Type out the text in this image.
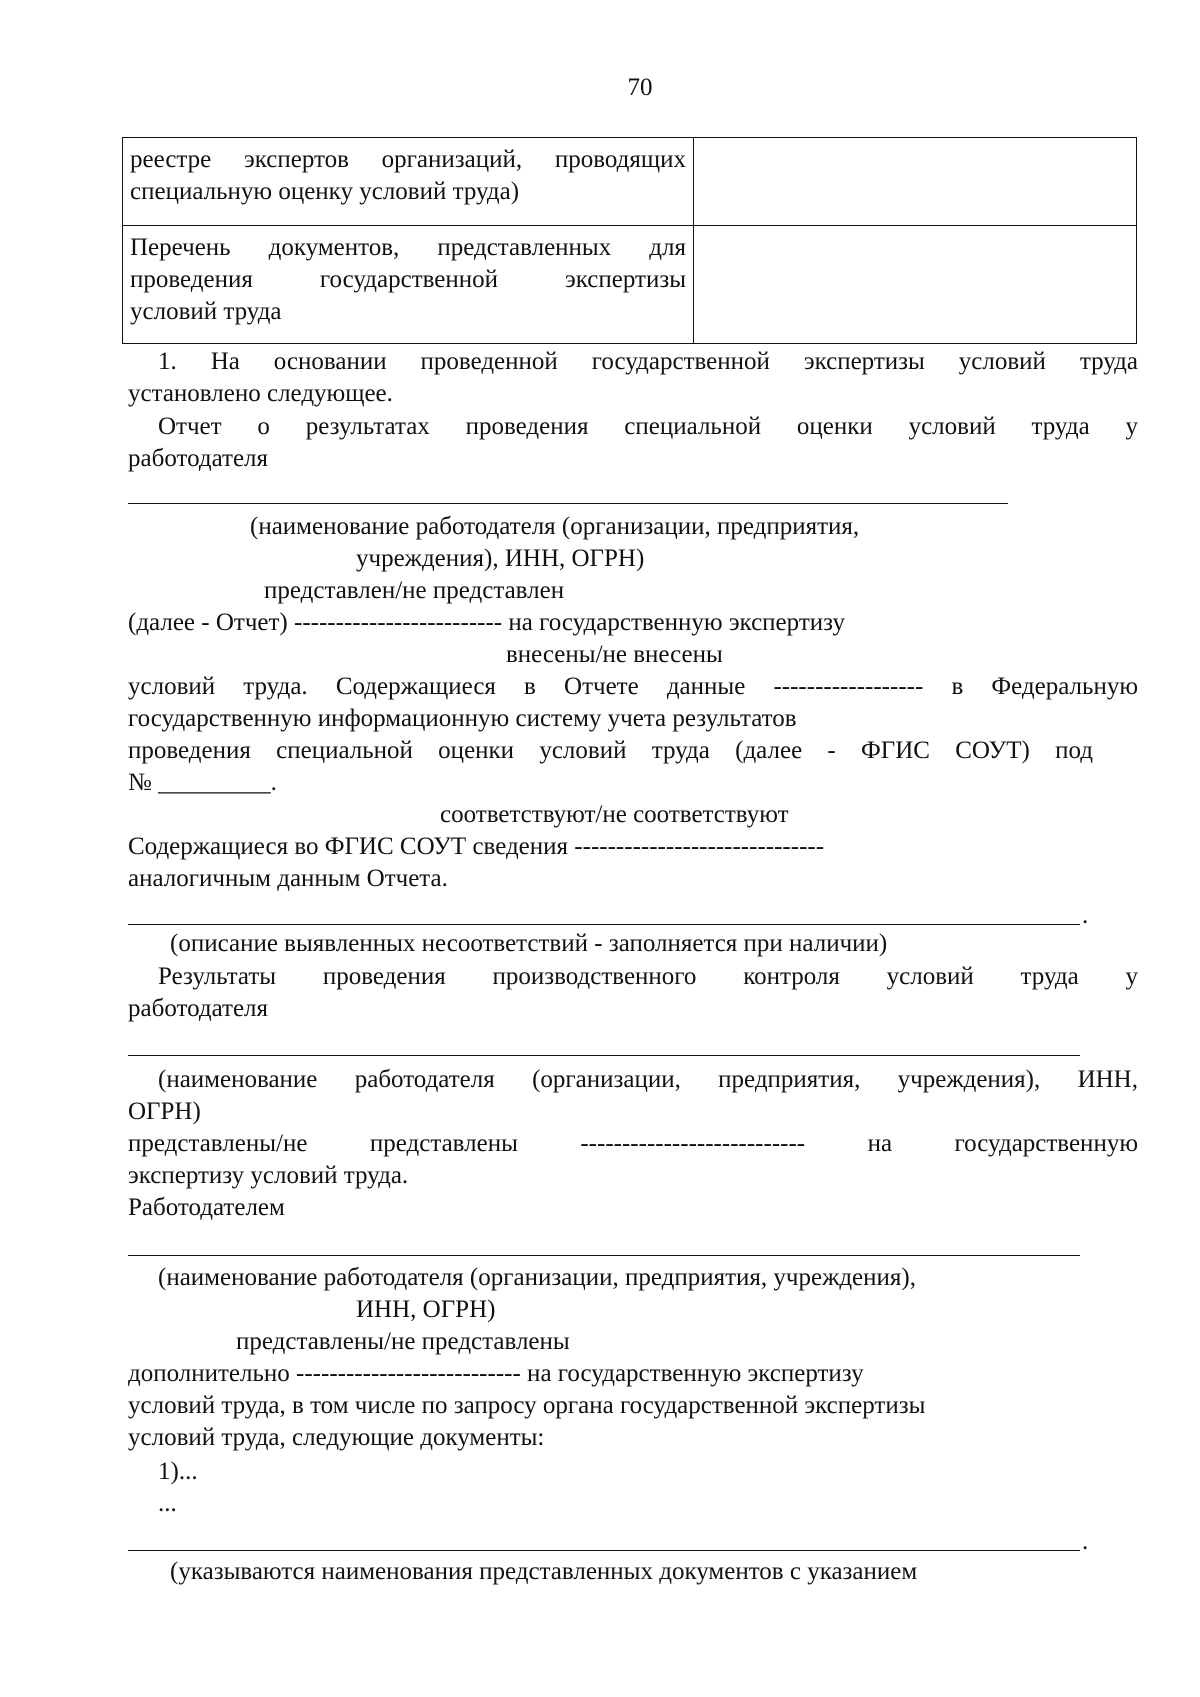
70
реестре экспертов организаций, проводящих
специальную оценку условий труда)	

Перечень документов, представленных для
проведения государственной экспертизы
условий труда	

1. На основании проведенной государственной экспертизы условий труда
установлено следующее.
Отчет о результатах проведения специальной оценки условий труда у
работодателя
(наименование работодателя (организации, предприятия,
учреждения), ИНН, ОГРН)
представлен/не представлен
(далее - Отчет) ------------------------- на государственную экспертизу
внесены/не внесены
условий труда. Содержащиеся в Отчете данные ------------------ в Федеральную
государственную информационную систему учета результатов
проведения специальной оценки условий труда (далее - ФГИС СОУТ) под
№ _________.
соответствуют/не соответствуют
Содержащиеся во ФГИС СОУТ сведения ------------------------------
аналогичным данным Отчета.
.
(описание выявленных несоответствий - заполняется при наличии)
Результаты проведения производственного контроля условий труда у
работодателя
(наименование работодателя (организации, предприятия, учреждения), ИНН,
ОГРН)
представлены/не представлены --------------------------- на государственную
экспертизу условий труда.
Работодателем
(наименование работодателя (организации, предприятия, учреждения),
ИНН, ОГРН)
представлены/не представлены
дополнительно --------------------------- на государственную экспертизу
условий труда, в том числе по запросу органа государственной экспертизы
условий труда, следующие документы:
1)...
...
.
(указываются наименования представленных документов с указанием
